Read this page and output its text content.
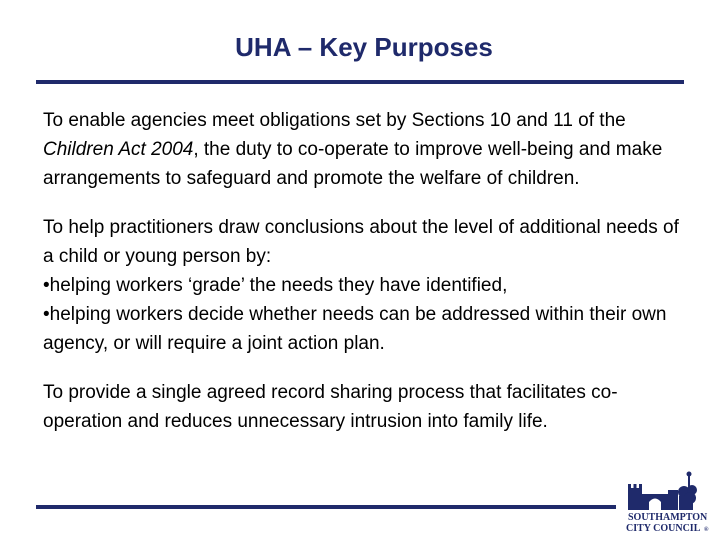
UHA – Key Purposes

To enable agencies meet obligations set by Sections 10 and 11 of the Children Act 2004, the duty to co-operate to improve well-being and make arrangements to safeguard and promote the welfare of children.

To help practitioners draw conclusions about the level of additional needs of a child or young person by:

•helping workers ‘grade’ the needs they have identified,

•helping workers decide whether needs can be addressed within their own agency, or will require a joint action plan.

To provide a single agreed record sharing process that facilitates co-operation and reduces unnecessary intrusion into family life.

SOUTHAMPTON
CITY COUNCIL ®
